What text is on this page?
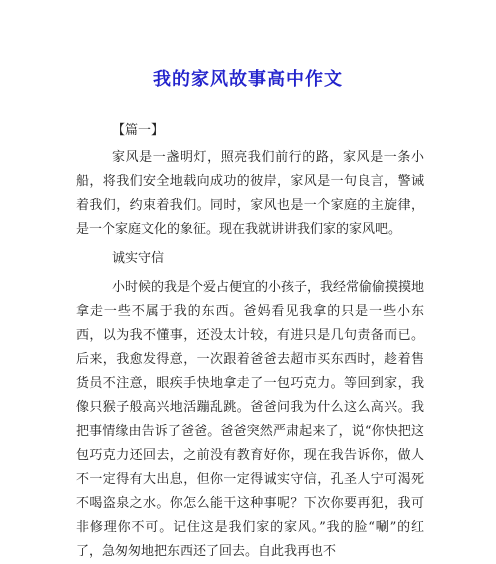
我的家风故事高中作文
【篇一】

家风是一盏明灯，照亮我们前行的路，家风是一条小船，将我们安全地载向成功的彼岸，家风是一句良言，警诫着我们，约束着我们。同时，家风也是一个家庭的主旋律，是一个家庭文化的象征。现在我就讲讲我们家的家风吧。

诚实守信

小时候的我是个爱占便宜的小孩子，我经常偷偷摸摸地拿走一些不属于我的东西。爸妈看见我拿的只是一些小东西，以为我不懂事，还没太计较，有进只是几句责备而已。后来，我愈发得意，一次跟着爸爸去超市买东西时，趁着售货员不注意，眼疾手快地拿走了一包巧克力。等回到家，我像只猴子般高兴地活蹦乱跳。爸爸问我为什么这么高兴。我把事情缘由告诉了爸爸。爸爸突然严肃起来了，说“你快把这包巧克力还回去，之前没有教育好你，现在我告诉你，做人不一定得有大出息，但你一定得诚实守信，孔圣人宁可渴死不喝盗泉之水。你怎么能干这种事呢？下次你要再犯，我可非修理你不可。记住这是我们家的家风。”我的脸“唰”的红了，急匆匆地把东西还了回去。自此我再也不
